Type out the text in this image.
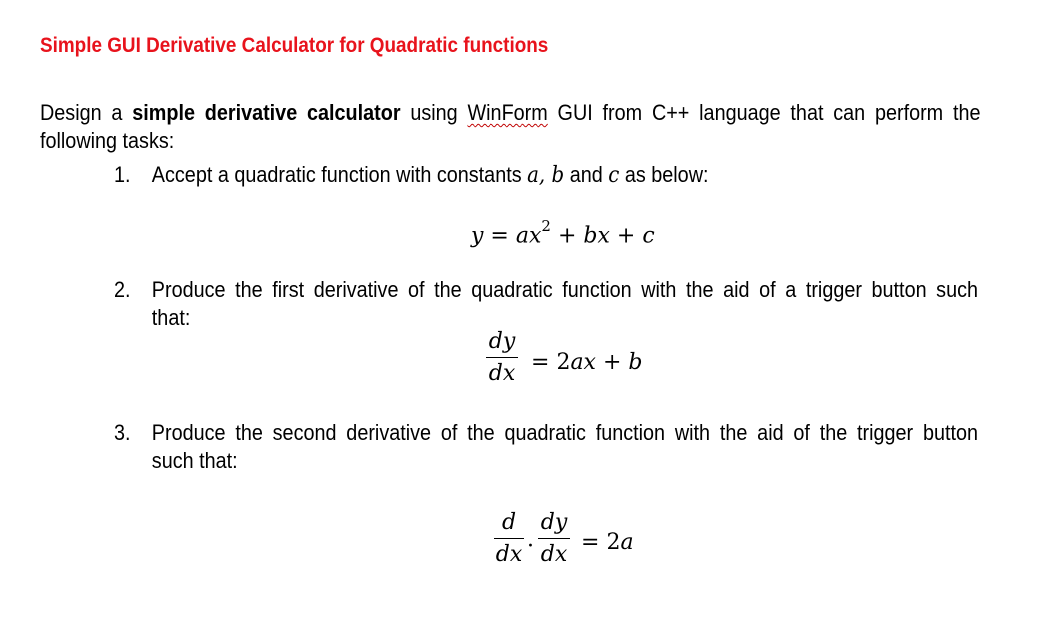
Simple GUI Derivative Calculator for Quadratic functions
Design a simple derivative calculator using WinForm GUI from C++ language that can perform the
following tasks:
1. Accept a quadratic function with constants a, b and c as below:
$y = ax^2$ + bx + c
2. Produce the first derivative of the quadratic function with the aid of a trigger button such
that:
dy
dx = 2ax + b
3. Produce the second derivative of the quadratic function with the aid of the trigger button
such that:
d
dx ·
dy
dx = 2a
